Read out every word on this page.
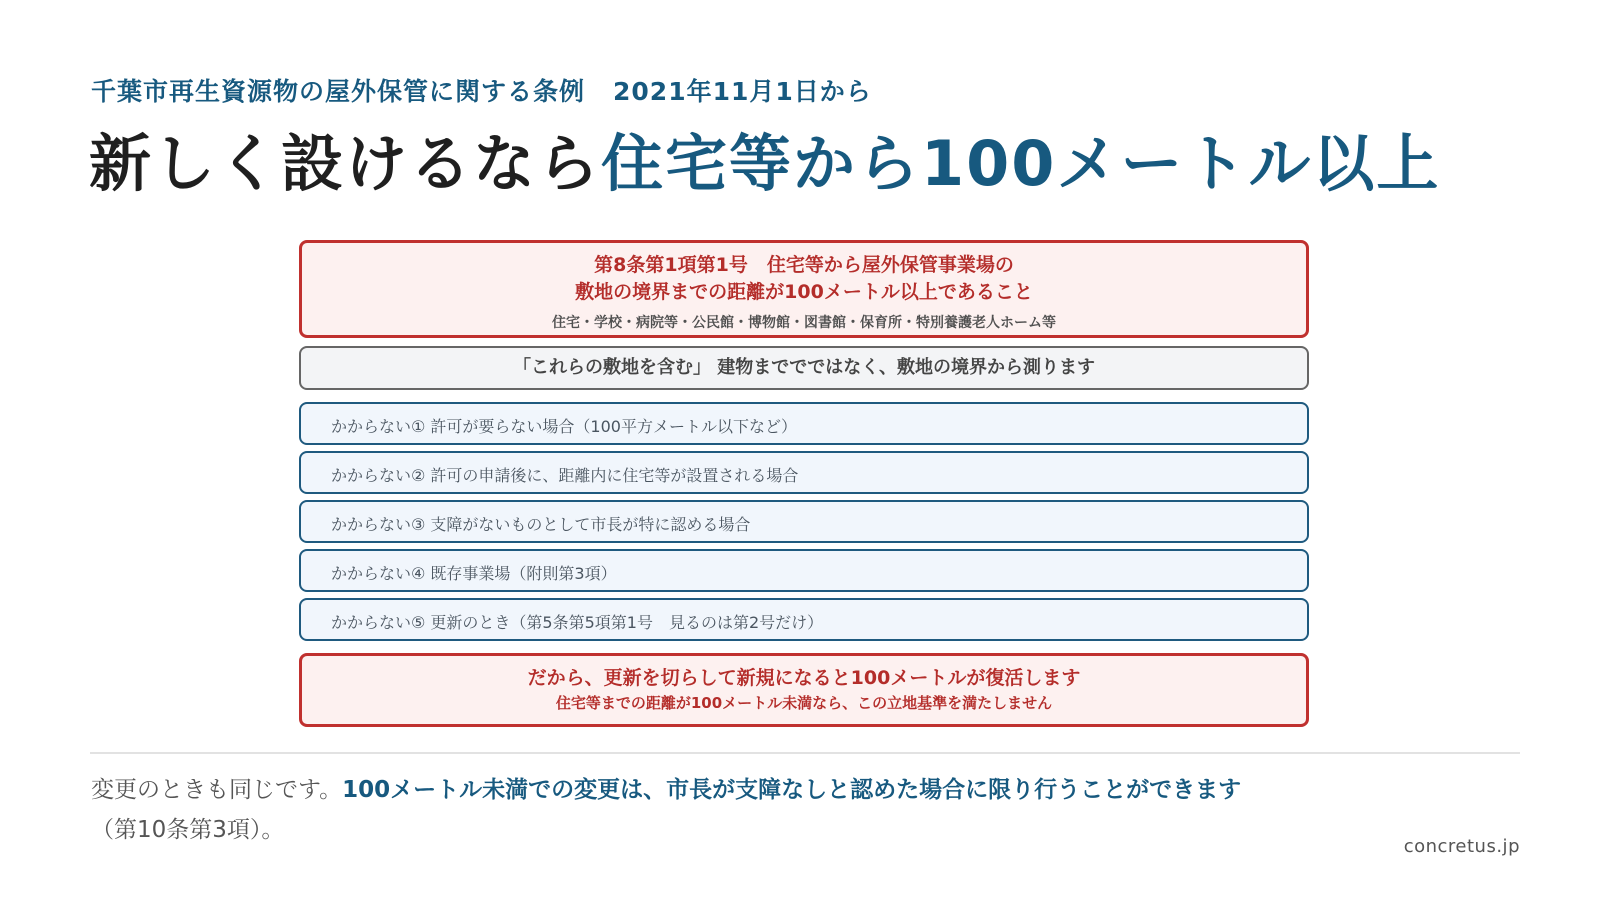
千葉市再生資源物の屋外保管に関する条例 2021年11月1日から
新しく設けるなら住宅等から100メートル以上
第8条第1項第1号　住宅等から屋外保管事業場の
敷地の境界までの距離が100メートル以上であること
住宅・学校・病院等・公民館・博物館・図書館・保育所・特別養護老人ホーム等
「これらの敷地を含む」 建物まででではなく、敷地の境界から測ります
かからない① 許可が要らない場合（100平方メートル以下など）
かからない② 許可の申請後に、距離内に住宅等が設置される場合
かからない③ 支障がないものとして市長が特に認める場合
かからない④ 既存事業場（附則第3項）
かからない⑤ 更新のとき（第5条第5項第1号　見るのは第2号だけ）
だから、更新を切らして新規になると100メートルが復活します
住宅等までの距離が100メートル未満なら、この立地基準を満たしません
変更のときも同じです。100メートル未満での変更は、市長が支障なしと認めた場合に限り行うことができます（第10条第3項）。
concretus.jp
